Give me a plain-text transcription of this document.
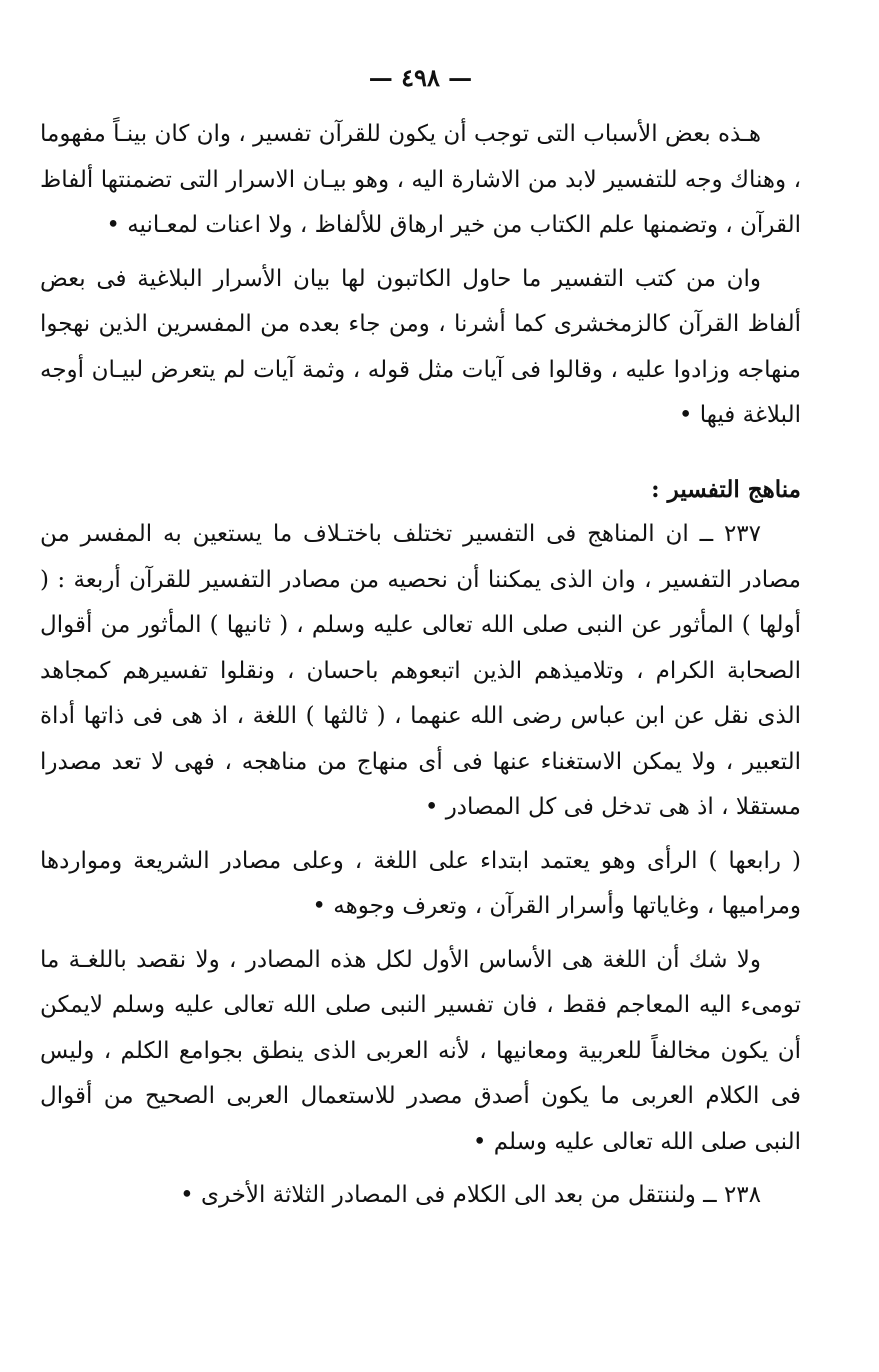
— ٤٩٨ —

هـذه بعض الأسباب التى توجب أن يكون للقرآن تفسير ، وان كان بينـاً مفهوما ، وهناك وجه للتفسير لابد من الاشارة اليه ، وهو بيـان الاسرار التى تضمنتها ألفاظ القرآن ، وتضمنها علم الكتاب من خير ارهاق للألفاظ ، ولا اعنات لمعـانيه •

وان من كتب التفسير ما حاول الكاتبون لها بيان الأسرار البلاغية فى بعض ألفاظ القرآن كالزمخشرى كما أشرنا ، ومن جاء بعده من المفسرين الذين نهجوا منهاجه وزادوا عليه ، وقالوا فى آيات مثل قوله ، وثمة آيات لم يتعرض لبيـان أوجه البلاغة فيها •

مناهج التفسير :

٢٣٧ ــ ان المناهج فى التفسير تختلف باختـلاف ما يستعين به المفسر من مصادر التفسير ، وان الذى يمكننا أن نحصيه من مصادر التفسير للقرآن أربعة : ( أولها ) المأثور عن النبى صلى الله تعالى عليه وسلم ، ( ثانيها ) المأثور من أقوال الصحابة الكرام ، وتلاميذهم الذين اتبعوهم باحسان ، ونقلوا تفسيرهم كمجاهد الذى نقل عن ابن عباس رضى الله عنهما ، ( ثالثها ) اللغة ، اذ هى فى ذاتها أداة التعبير ، ولا يمكن الاستغناء عنها فى أى منهاج من مناهجه ، فهى لا تعد مصدرا مستقلا ، اذ هى تدخل فى كل المصادر •

( رابعها ) الرأى وهو يعتمد ابتداء على اللغة ، وعلى مصادر الشريعة ومواردها ومراميها ، وغاياتها وأسرار القرآن ، وتعرف وجوهه •

ولا شك أن اللغة هى الأساس الأول لكل هذه المصادر ، ولا نقصد باللغـة ما تومىء اليه المعاجم فقط ، فان تفسير النبى صلى الله تعالى عليه وسلم لايمكن أن يكون مخالفاً للعربية ومعانيها ، لأنه العربى الذى ينطق بجوامع الكلم ، وليس فى الكلام العربى ما يكون أصدق مصدر للاستعمال العربى الصحيح من أقوال النبى صلى الله تعالى عليه وسلم •

٢٣٨ ــ ولننتقل من بعد الى الكلام فى المصادر الثلاثة الأخرى •
